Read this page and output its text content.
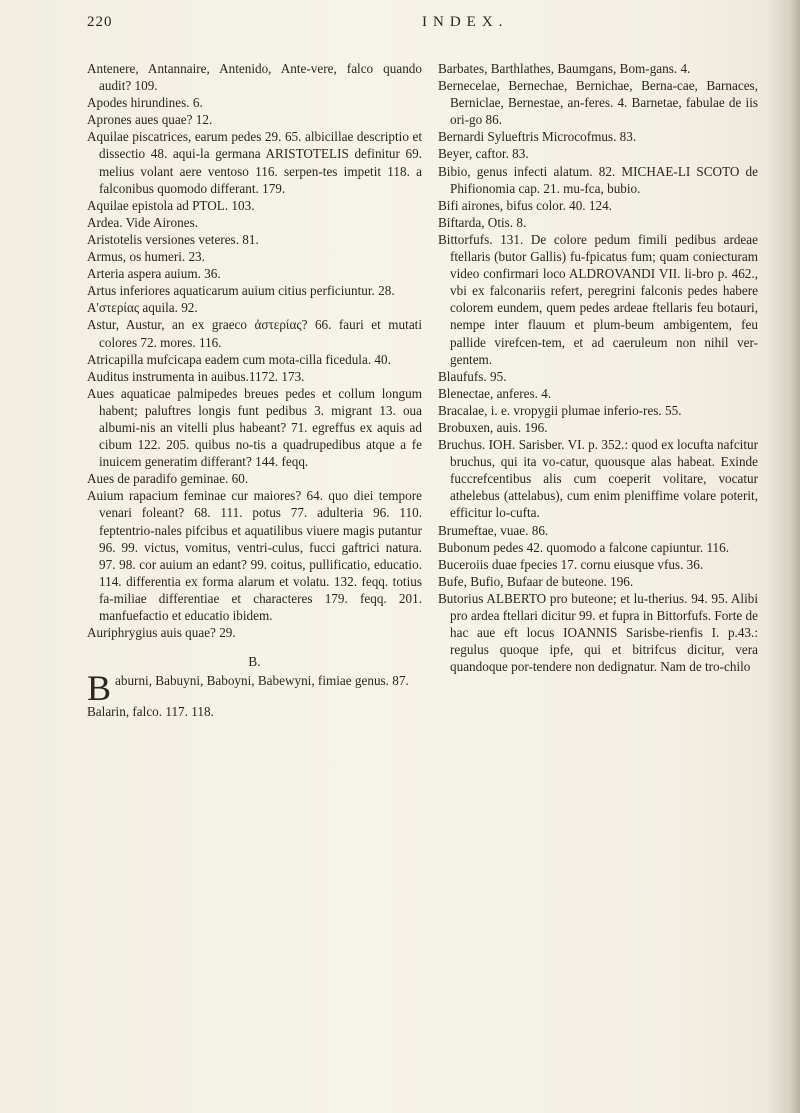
220	INDEX.

Antenere, Antannaire, Antenido, Ante-vere, falco quando audit? 109.

Apodes hirundines. 6.

Aprones aues quae? 12.

Aquilae piscatrices, earum pedes 29. 65. albicillae descriptio et dissectio 48. aqui-la germana ARISTOTELIS definitur 69. melius volant aere ventoso 116. serpen-tes impetit 118. a falconibus quomodo differant. 179.

Aquilae epistola ad PTOL. 103.

Ardea. Vide Airones.

Aristotelis versiones veteres. 81.

Armus, os humeri. 23.

Arteria aspera auium. 36.

Artus inferiores aquaticarum auium citius perficiuntur. 28.

Α'στερίας aquila. 92.

Astur, Austur, an ex graeco ἀστερίας? 66. fauri et mutati colores 72. mores. 116.

Atricapilla mufcicapa eadem cum mota-cilla ficedula. 40.

Auditus instrumenta in auibus.1172. 173.

Aues aquaticae palmipedes breues pedes et collum longum habent; paluftres longis funt pedibus 3. migrant 13. oua albumi-nis an vitelli plus habeant? 71. egreffus ex aquis ad cibum 122. 205. quibus no-tis a quadrupedibus atque a fe inuicem generatim differant? 144. feqq.

Aues de paradifo geminae. 60.

Auium rapacium feminae cur maiores? 64. quo diei tempore venari foleant? 68. 111. potus 77. adulteria 96. 110. feptentrio-nales pifcibus et aquatilibus viuere magis putantur 96. 99. victus, vomitus, ventri-culus, fucci gaftrici natura. 97. 98. cor auium an edant? 99. coitus, pullificatio, educatio. 114. differentia ex forma alarum et volatu. 132. feqq. totius fa-miliae differentiae et characteres 179. feqq. 201. manfuefactio et educatio ibidem.

Auriphrygius auis quae? 29.

B.

Baburni, Babuyni, Baboyni, Babewyni, fimiae genus. 87.

Balarin, falco. 117. 118.

Barbates, Barthlathes, Baumgans, Bom-gans. 4.

Bernecelae, Bernechae, Bernichae, Berna-cae, Barnaces, Berniclae, Bernestae, an-feres. 4. Barnetae, fabulae de iis ori-go 86.

Bernardi Sylueftris Microcofmus. 83.

Beyer, caftor. 83.

Bibio, genus infecti alatum. 82. MICHAE-LI SCOTO de Phifionomia cap. 21. mu-fca, bubio.

Bifi airones, bifus color. 40. 124.

Biftarda, Otis. 8.

Bittorfufs. 131. De colore pedum fimili pedibus ardeae ftellaris (butor Gallis) fu-fpicatus fum; quam coniecturam video confirmari loco ALDROVANDI VII. li-bro p. 462., vbi ex falconariis refert, peregrini falconis pedes habere colorem eundem, quem pedes ardeae ftellaris feu botauri, nempe inter flauum et plum-beum ambigentem, feu pallide virefcen-tem, et ad caeruleum non nihil ver-gentem.

Blaufufs. 95.

Blenectae, anferes. 4.

Bracalae, i. e. vropygii plumae inferio-res. 55.

Brobuxen, auis. 196.

Bruchus. IOH. Sarisber. VI. p. 352.: quod ex locufta nafcitur bruchus, qui ita vo-catur, quousque alas habeat. Exinde fuccrefcentibus alis cum coeperit volitare, vocatur athelebus (attelabus), cum enim pleniffime volare poterit, efficitur lo-cufta.

Brumeftae, vuae. 86.

Bubonum pedes 42. quomodo a falcone capiuntur. 116.

Buceroiis duae fpecies 17. cornu eiusque vfus. 36.

Bufe, Bufio, Bufaar de buteone. 196.

Butorius ALBERTO pro buteone; et lu-therius. 94. 95. Alibi pro ardea ftellari dicitur 99. et fupra in Bittorfufs. Forte de hac aue eft locus IOANNIS Sarisbe-rienfis I. p.43.: regulus quoque ipfe, qui et bitrifcus dicitur, vera quandoque por-tendere non dedignatur. Nam de tro-chilo
